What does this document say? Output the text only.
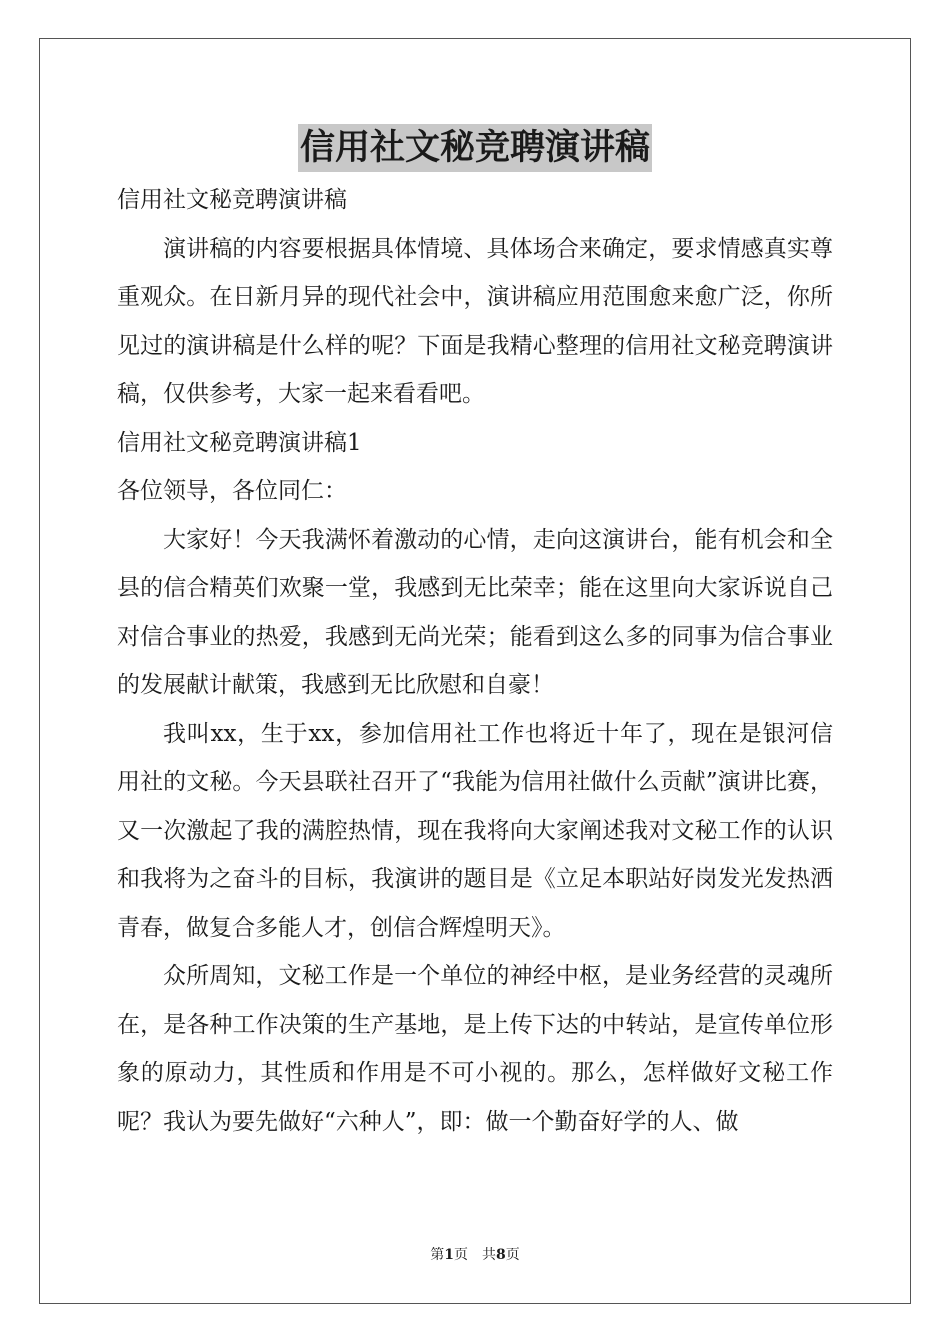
信用社文秘竞聘演讲稿
信用社文秘竞聘演讲稿

演讲稿的内容要根据具体情境、具体场合来确定，要求情感真实尊重观众。在日新月异的现代社会中，演讲稿应用范围愈来愈广泛，你所见过的演讲稿是什么样的呢？下面是我精心整理的信用社文秘竞聘演讲稿，仅供参考，大家一起来看看吧。

信用社文秘竞聘演讲稿1
各位领导，各位同仁：

大家好！今天我满怀着激动的心情，走向这演讲台，能有机会和全县的信合精英们欢聚一堂，我感到无比荣幸；能在这里向大家诉说自己对信合事业的热爱，我感到无尚光荣；能看到这么多的同事为信合事业的发展献计献策，我感到无比欣慰和自豪！

我叫xx，生于xx，参加信用社工作也将近十年了，现在是银河信用社的文秘。今天县联社召开了“我能为信用社做什么贡献”演讲比赛，又一次激起了我的满腔热情，现在我将向大家阐述我对文秘工作的认识和我将为之奋斗的目标，我演讲的题目是《立足本职站好岗发光发热洒青春，做复合多能人才，创信合辉煌明天》。

众所周知，文秘工作是一个单位的神经中枢，是业务经营的灵魂所在，是各种工作决策的生产基地，是上传下达的中转站，是宣传单位形象的原动力，其性质和作用是不可小视的。那么，怎样做好文秘工作呢？我认为要先做好“六种人”，即：做一个勤奋好学的人、做

第1页 共8页
